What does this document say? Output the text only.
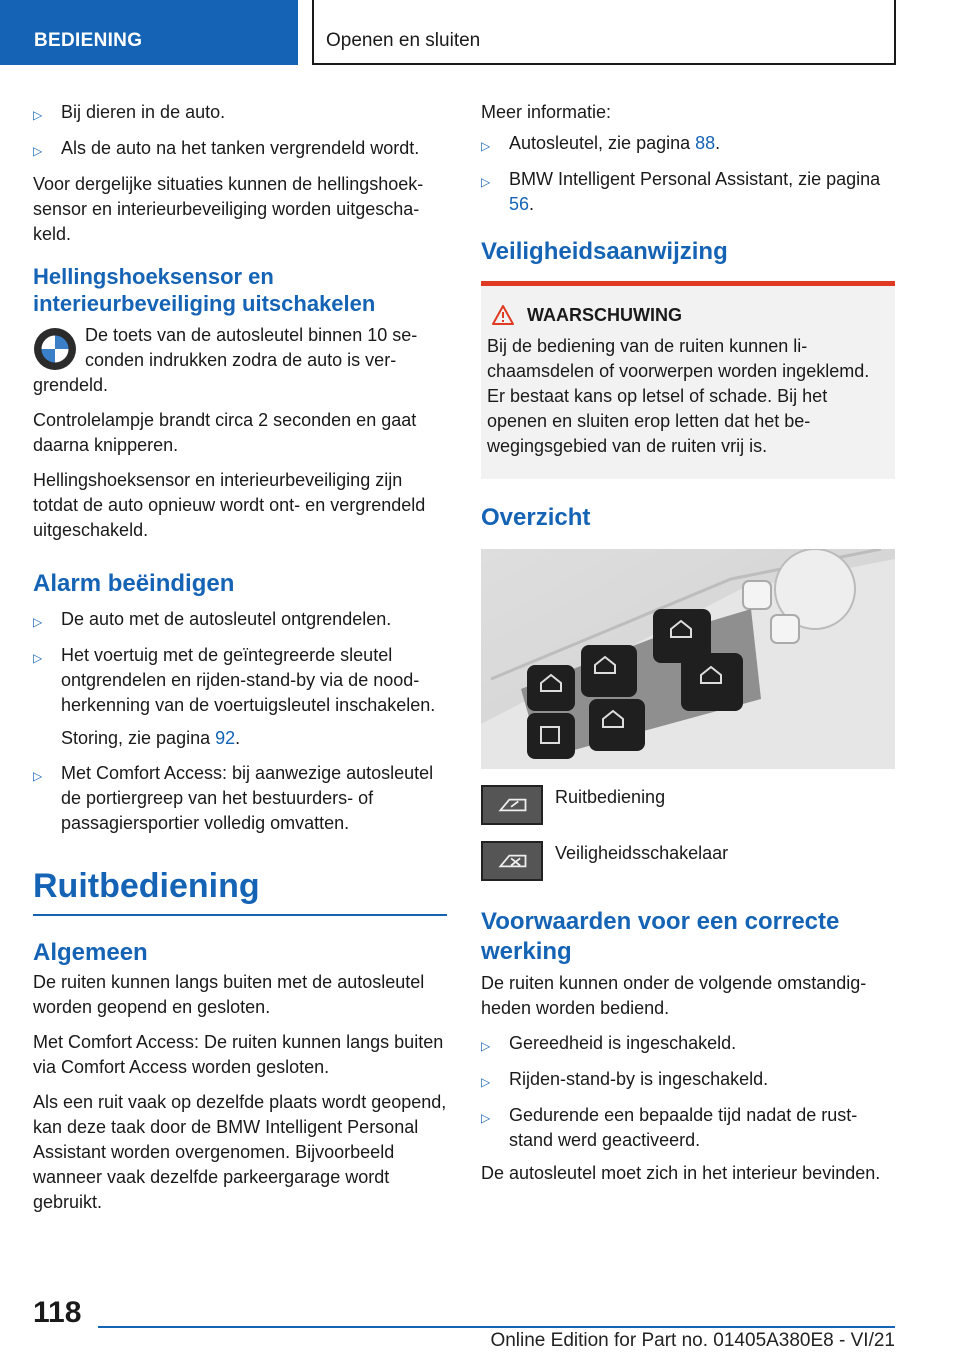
BEDIENING	Openen en sluiten
▷	Bij dieren in de auto.
▷	Als de auto na het tanken vergrendeld wordt.

Voor dergelijke situaties kunnen de hellingshoeksensor en interieurbeveiliging worden uitgeschakeld.

Hellingshoeksensor en interieurbeveiliging uitschakelen

De toets van de autosleutel binnen 10 seconden indrukken zodra de auto is vergrendeld.

Controlelampje brandt circa 2 seconden en gaat daarna knipperen.

Hellingshoeksensor en interieurbeveiliging zijn totdat de auto opnieuw wordt ont- en vergrendeld uitgeschakeld.

Alarm beëindigen
▷	De auto met de autosleutel ontgrendelen.
▷	Het voertuig met de geïntegreerde sleutel ontgrendelen en rijden-stand-by via de noodherkenning van de voertuigsleutel inschakelen.

Storing, zie pagina 92.

▷	Met Comfort Access: bij aanwezige autosleutel de portiergreep van het bestuurders- of passagiersportier volledig omvatten.
Ruitbediening
Algemeen

De ruiten kunnen langs buiten met de autosleutel worden geopend en gesloten.

Met Comfort Access: De ruiten kunnen langs buiten via Comfort Access worden gesloten.

Als een ruit vaak op dezelfde plaats wordt geopend, kan deze taak door de BMW Intelligent Personal Assistant worden overgenomen. Bijvoorbeeld wanneer vaak dezelfde parkeergarage wordt gebruikt.

Meer informatie:

▷	Autosleutel, zie pagina 88.
▷	BMW Intelligent Personal Assistant, zie pagina 56.
Veiligheidsaanwijzing
WAARSCHUWING

Bij de bediening van de ruiten kunnen lichaamsdelen of voorwerpen worden ingeklemd. Er bestaat kans op letsel of schade. Bij het openen en sluiten erop letten dat het bewegingsgebied van de ruiten vrij is.

Overzicht

Ruitbediening

Veiligheidsschakelaar

Voorwaarden voor een correcte werking

De ruiten kunnen onder de volgende omstandigheden worden bediend.

▷	Gereedheid is ingeschakeld.
▷	Rijden-stand-by is ingeschakeld.
▷	Gedurende een bepaalde tijd nadat de ruststand werd geactiveerd.

De autosleutel moet zich in het interieur bevinden.

118
Online Edition for Part no. 01405A380E8 - VI/21
